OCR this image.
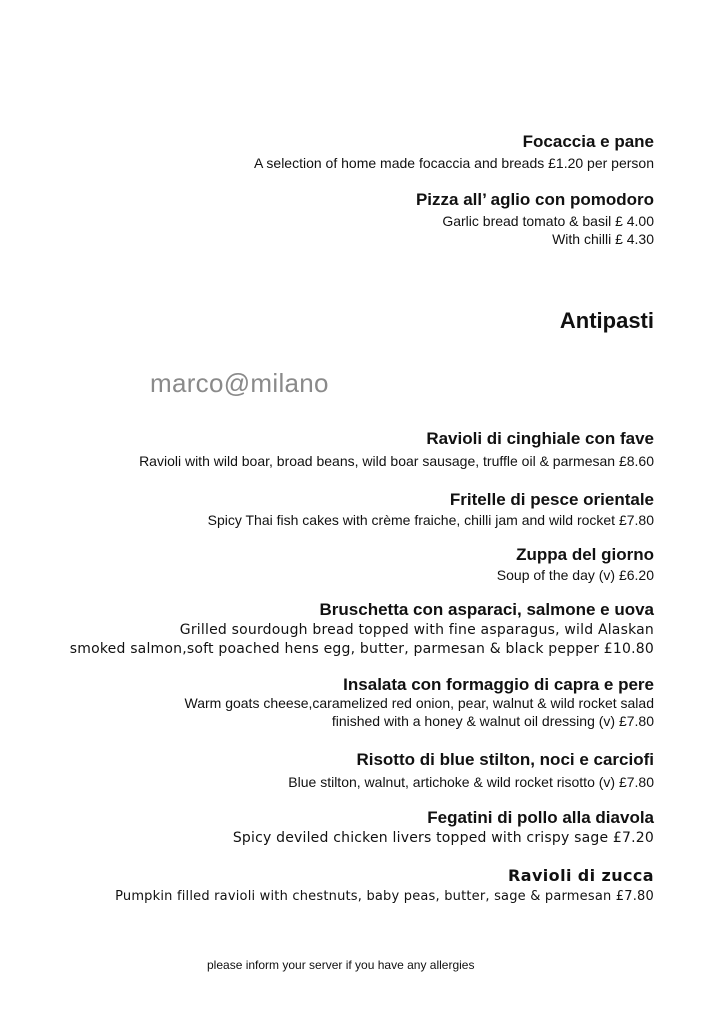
Focaccia e pane
A selection of home made focaccia and breads £1.20 per person
Pizza all’ aglio con pomodoro
Garlic bread tomato & basil £ 4.00
With chilli £ 4.30
Antipasti
marco@milano
Ravioli di cinghiale con fave
Ravioli with wild boar, broad beans, wild boar sausage, truffle oil & parmesan £8.60
Fritelle di pesce orientale
Spicy Thai fish cakes with crème fraiche, chilli jam and wild rocket £7.80
Zuppa del giorno
Soup of the day (v) £6.20
Bruschetta con asparaci, salmone e uova
Grilled sourdough bread topped with fine asparagus, wild Alaskan
smoked salmon,soft poached hens egg, butter, parmesan & black pepper £10.80
Insalata con formaggio di capra e pere
Warm goats cheese,caramelized red onion, pear, walnut & wild rocket salad
finished with a honey & walnut oil dressing (v) £7.80
Risotto di blue stilton, noci e carciofi
Blue stilton, walnut, artichoke & wild rocket risotto (v) £7.80
Fegatini di pollo alla diavola
Spicy deviled chicken livers topped with crispy sage £7.20
Ravioli di zucca
Pumpkin filled ravioli with chestnuts, baby peas, butter, sage & parmesan £7.80
please inform your server if you have any allergies
